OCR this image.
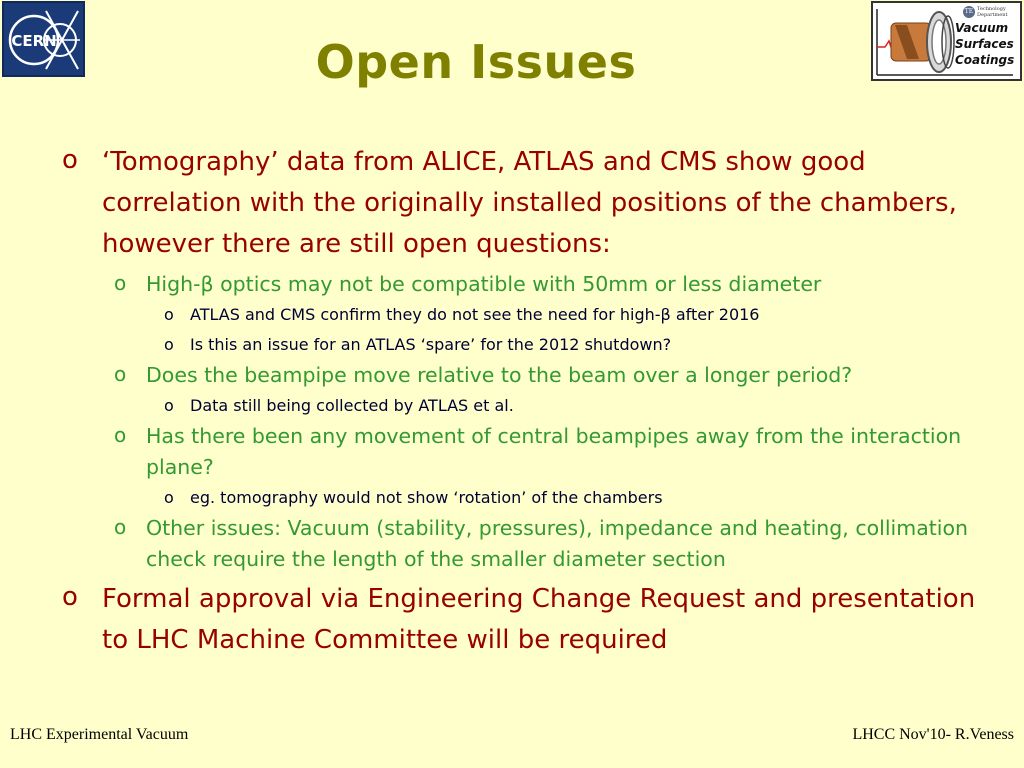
CERN
TE Technology
Department
Vacuum
Surfaces
Coatings
Open Issues
o ‘Tomography’ data from ALICE, ATLAS and CMS show good correlation with the originally installed positions of the chambers, however there are still open questions:
o High-β optics may not be compatible with 50mm or less diameter
o ATLAS and CMS confirm they do not see the need for high-β after 2016
o Is this an issue for an ATLAS ‘spare’ for the 2012 shutdown?
o Does the beampipe move relative to the beam over a longer period?
o Data still being collected by ATLAS et al.
o Has there been any movement of central beampipes away from the interaction plane?
o eg. tomography would not show ‘rotation’ of the chambers
o Other issues: Vacuum (stability, pressures), impedance and heating, collimation check require the length of the smaller diameter section
o Formal approval via Engineering Change Request and presentation to LHC Machine Committee will be required
LHC Experimental Vacuum	LHCC Nov'10- R.Veness
